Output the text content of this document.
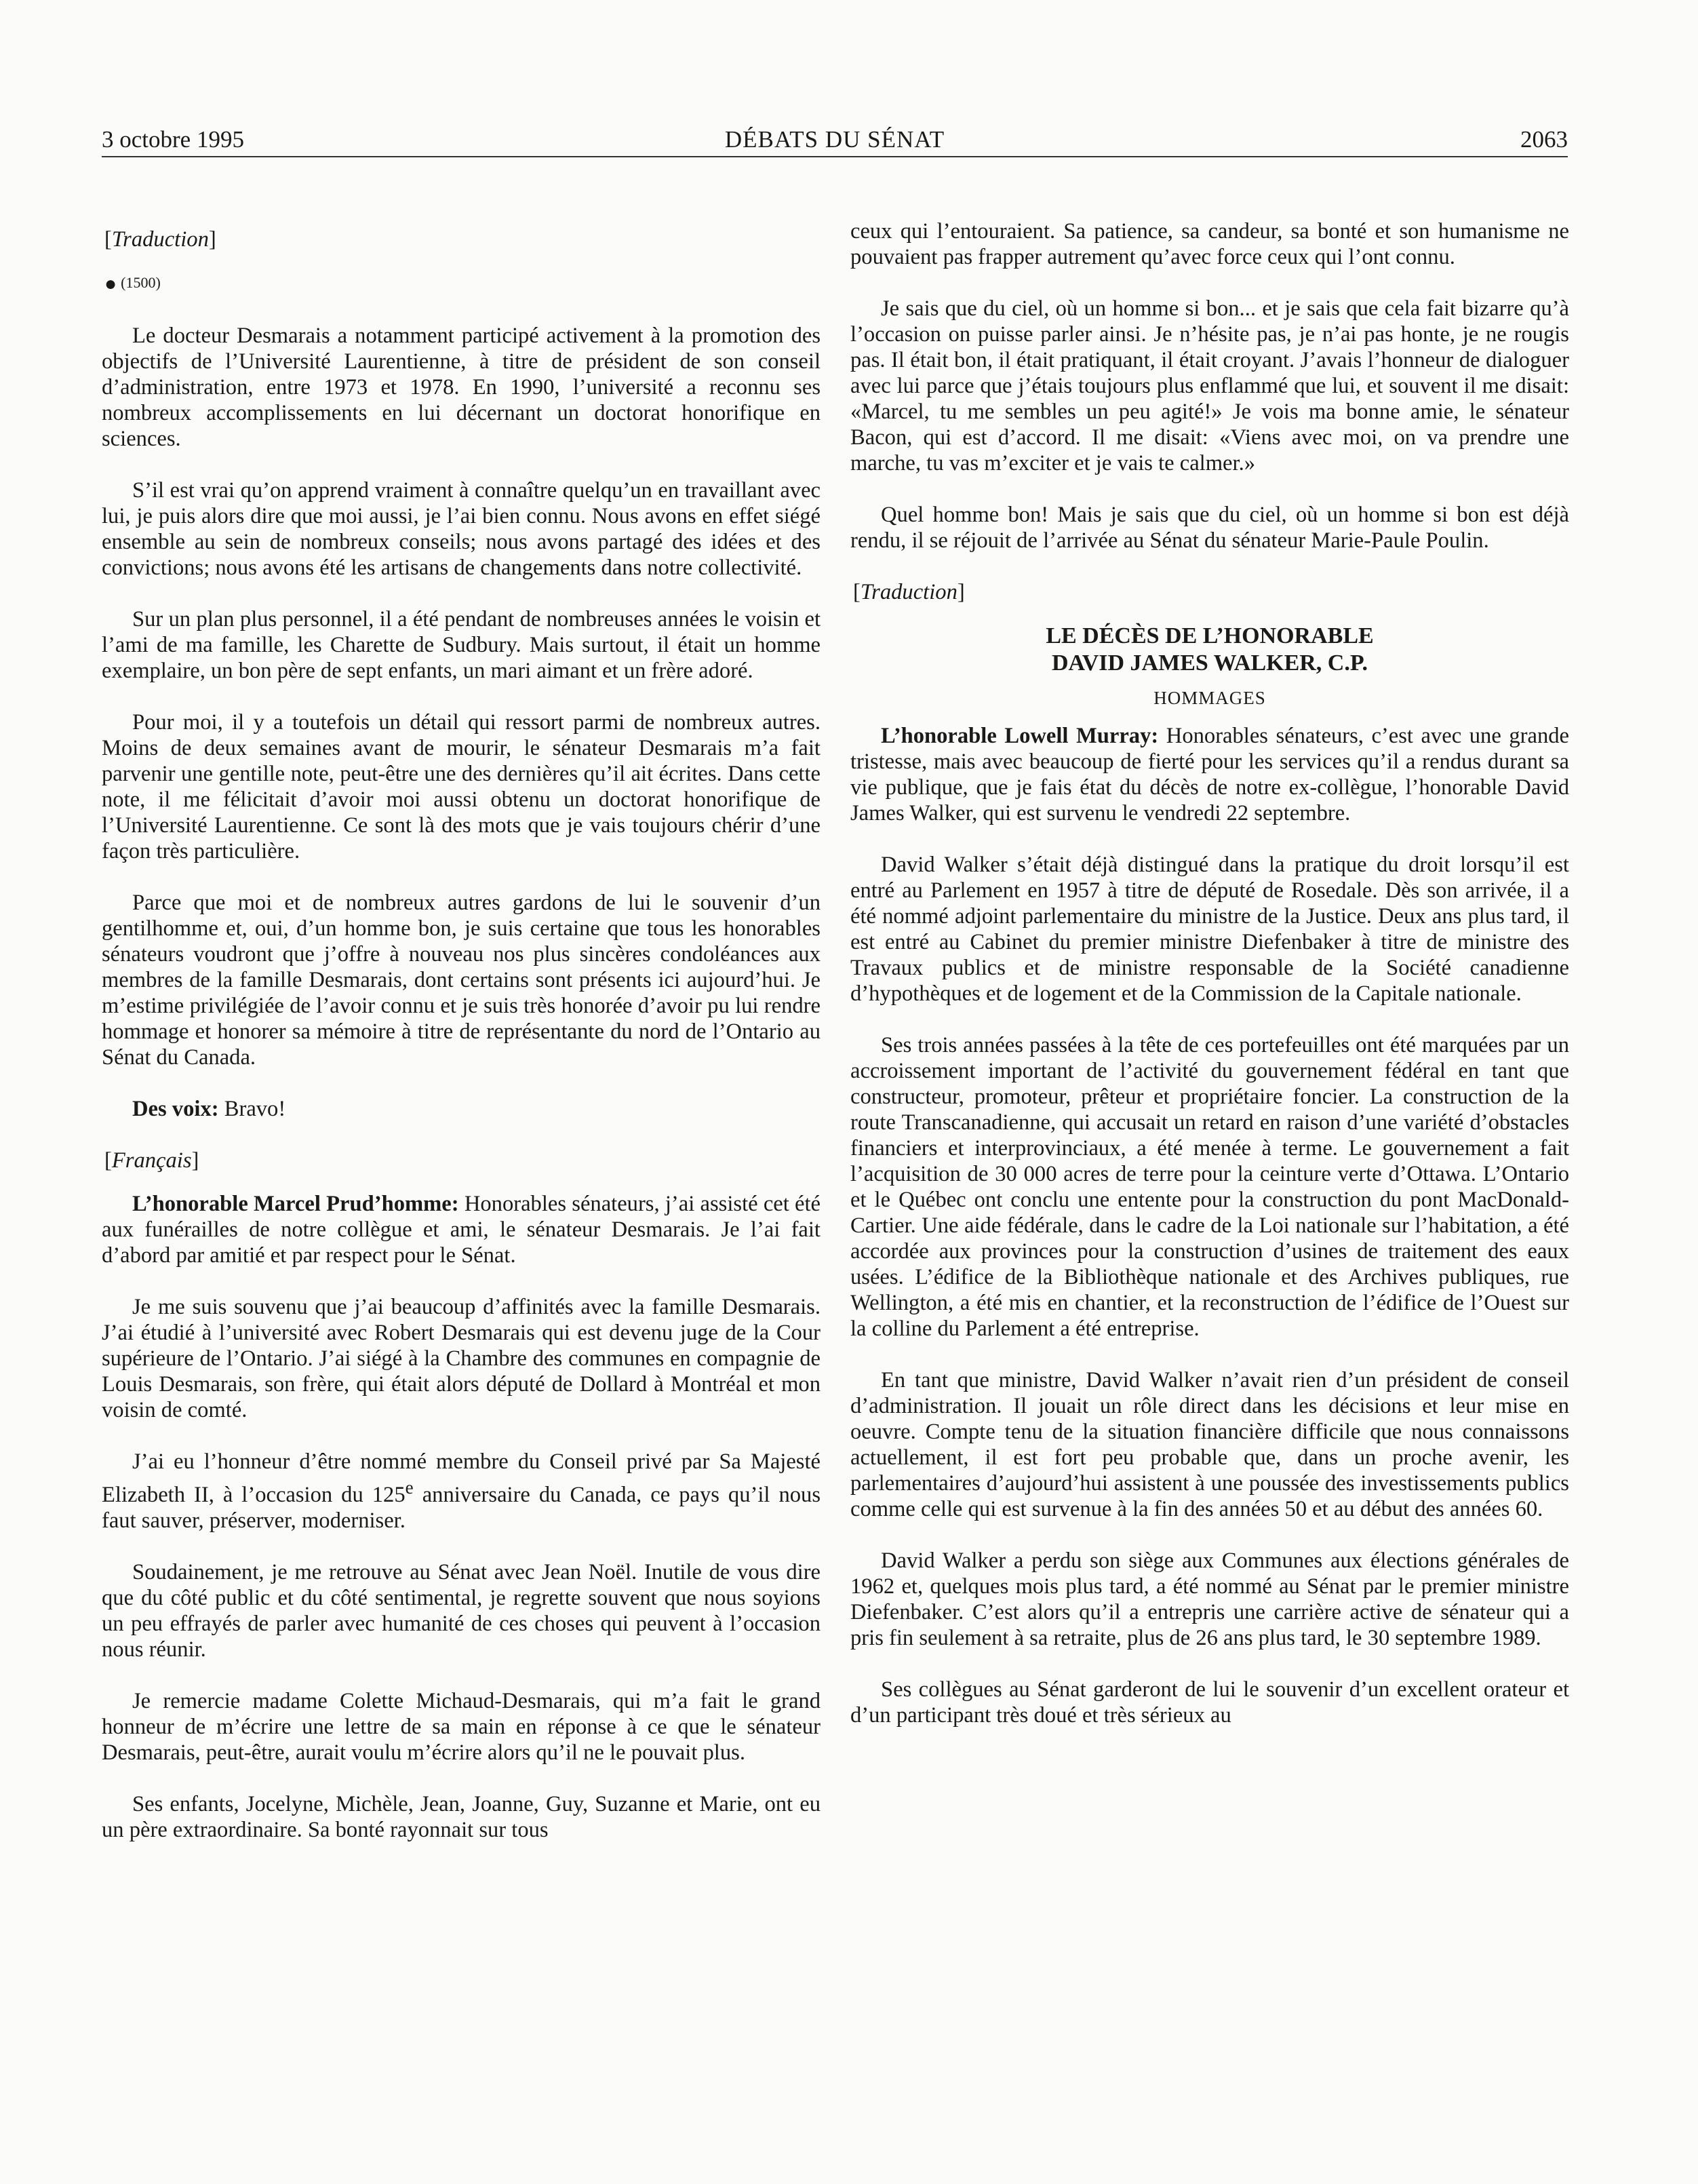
3 octobre 1995	DÉBATS DU SÉNAT	2063
[Traduction]
● (1500)

Le docteur Desmarais a notamment participé activement à la promotion des objectifs de l’Université Laurentienne, à titre de président de son conseil d’administration, entre 1973 et 1978. En 1990, l’université a reconnu ses nombreux accomplissements en lui décernant un doctorat honorifique en sciences.

S’il est vrai qu’on apprend vraiment à connaître quelqu’un en travaillant avec lui, je puis alors dire que moi aussi, je l’ai bien connu. Nous avons en effet siégé ensemble au sein de nombreux conseils; nous avons partagé des idées et des convictions; nous avons été les artisans de changements dans notre collectivité.

Sur un plan plus personnel, il a été pendant de nombreuses années le voisin et l’ami de ma famille, les Charette de Sudbury. Mais surtout, il était un homme exemplaire, un bon père de sept enfants, un mari aimant et un frère adoré.

Pour moi, il y a toutefois un détail qui ressort parmi de nombreux autres. Moins de deux semaines avant de mourir, le sénateur Desmarais m’a fait parvenir une gentille note, peut-être une des dernières qu’il ait écrites. Dans cette note, il me félicitait d’avoir moi aussi obtenu un doctorat honorifique de l’Université Laurentienne. Ce sont là des mots que je vais toujours chérir d’une façon très particulière.

Parce que moi et de nombreux autres gardons de lui le souvenir d’un gentilhomme et, oui, d’un homme bon, je suis certaine que tous les honorables sénateurs voudront que j’offre à nouveau nos plus sincères condoléances aux membres de la famille Desmarais, dont certains sont présents ici aujourd’hui. Je m’estime privilégiée de l’avoir connu et je suis très honorée d’avoir pu lui rendre hommage et honorer sa mémoire à titre de représentante du nord de l’Ontario au Sénat du Canada.

Des voix: Bravo!

[Français]

L’honorable Marcel Prud’homme: Honorables sénateurs, j’ai assisté cet été aux funérailles de notre collègue et ami, le sénateur Desmarais. Je l’ai fait d’abord par amitié et par respect pour le Sénat.

Je me suis souvenu que j’ai beaucoup d’affinités avec la famille Desmarais. J’ai étudié à l’université avec Robert Desmarais qui est devenu juge de la Cour supérieure de l’Ontario. J’ai siégé à la Chambre des communes en compagnie de Louis Desmarais, son frère, qui était alors député de Dollard à Montréal et mon voisin de comté.

J’ai eu l’honneur d’être nommé membre du Conseil privé par Sa Majesté Elizabeth II, à l’occasion du 125e anniversaire du Canada, ce pays qu’il nous faut sauver, préserver, moderniser.

Soudainement, je me retrouve au Sénat avec Jean Noël. Inutile de vous dire que du côté public et du côté sentimental, je regrette souvent que nous soyions un peu effrayés de parler avec humanité de ces choses qui peuvent à l’occasion nous réunir.

Je remercie madame Colette Michaud-Desmarais, qui m’a fait le grand honneur de m’écrire une lettre de sa main en réponse à ce que le sénateur Desmarais, peut-être, aurait voulu m’écrire alors qu’il ne le pouvait plus.

Ses enfants, Jocelyne, Michèle, Jean, Joanne, Guy, Suzanne et Marie, ont eu un père extraordinaire. Sa bonté rayonnait sur tous

ceux qui l’entouraient. Sa patience, sa candeur, sa bonté et son humanisme ne pouvaient pas frapper autrement qu’avec force ceux qui l’ont connu.

Je sais que du ciel, où un homme si bon... et je sais que cela fait bizarre qu’à l’occasion on puisse parler ainsi. Je n’hésite pas, je n’ai pas honte, je ne rougis pas. Il était bon, il était pratiquant, il était croyant. J’avais l’honneur de dialoguer avec lui parce que j’étais toujours plus enflammé que lui, et souvent il me disait: «Marcel, tu me sembles un peu agité!» Je vois ma bonne amie, le sénateur Bacon, qui est d’accord. Il me disait: «Viens avec moi, on va prendre une marche, tu vas m’exciter et je vais te calmer.»

Quel homme bon! Mais je sais que du ciel, où un homme si bon est déjà rendu, il se réjouit de l’arrivée au Sénat du sénateur Marie-Paule Poulin.

[Traduction]
LE DÉCÈS DE L’HONORABLE
DAVID JAMES WALKER, C.P.
HOMMAGES

L’honorable Lowell Murray: Honorables sénateurs, c’est avec une grande tristesse, mais avec beaucoup de fierté pour les services qu’il a rendus durant sa vie publique, que je fais état du décès de notre ex-collègue, l’honorable David James Walker, qui est survenu le vendredi 22 septembre.

David Walker s’était déjà distingué dans la pratique du droit lorsqu’il est entré au Parlement en 1957 à titre de député de Rosedale. Dès son arrivée, il a été nommé adjoint parlementaire du ministre de la Justice. Deux ans plus tard, il est entré au Cabinet du premier ministre Diefenbaker à titre de ministre des Travaux publics et de ministre responsable de la Société canadienne d’hypothèques et de logement et de la Commission de la Capitale nationale.

Ses trois années passées à la tête de ces portefeuilles ont été marquées par un accroissement important de l’activité du gouvernement fédéral en tant que constructeur, promoteur, prêteur et propriétaire foncier. La construction de la route Transcanadienne, qui accusait un retard en raison d’une variété d’obstacles financiers et interprovinciaux, a été menée à terme. Le gouvernement a fait l’acquisition de 30 000 acres de terre pour la ceinture verte d’Ottawa. L’Ontario et le Québec ont conclu une entente pour la construction du pont MacDonald-Cartier. Une aide fédérale, dans le cadre de la Loi nationale sur l’habitation, a été accordée aux provinces pour la construction d’usines de traitement des eaux usées. L’édifice de la Bibliothèque nationale et des Archives publiques, rue Wellington, a été mis en chantier, et la reconstruction de l’édifice de l’Ouest sur la colline du Parlement a été entreprise.

En tant que ministre, David Walker n’avait rien d’un président de conseil d’administration. Il jouait un rôle direct dans les décisions et leur mise en oeuvre. Compte tenu de la situation financière difficile que nous connaissons actuellement, il est fort peu probable que, dans un proche avenir, les parlementaires d’aujourd’hui assistent à une poussée des investissements publics comme celle qui est survenue à la fin des années 50 et au début des années 60.

David Walker a perdu son siège aux Communes aux élections générales de 1962 et, quelques mois plus tard, a été nommé au Sénat par le premier ministre Diefenbaker. C’est alors qu’il a entrepris une carrière active de sénateur qui a pris fin seulement à sa retraite, plus de 26 ans plus tard, le 30 septembre 1989.

Ses collègues au Sénat garderont de lui le souvenir d’un excellent orateur et d’un participant très doué et très sérieux au
